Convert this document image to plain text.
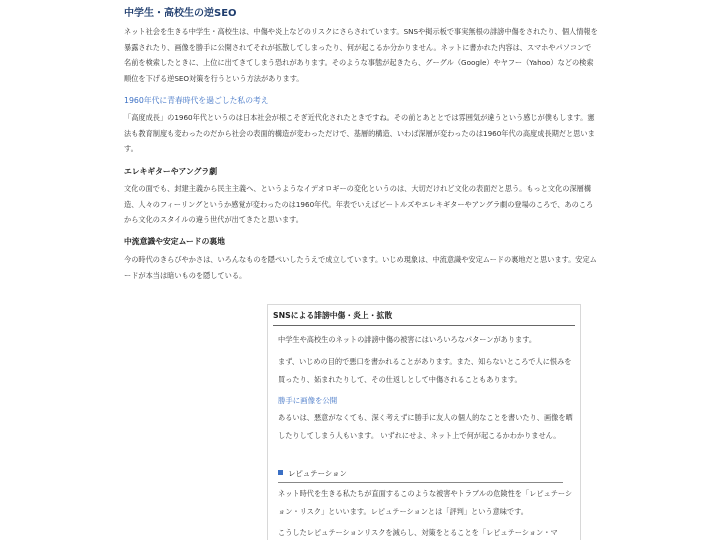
中学生・高校生の逆SEO

ネット社会を生きる中学生・高校生は、中傷や炎上などのリスクにさらされています。SNSや掲示板で事実無根の誹謗中傷をされたり、個人情報を暴露されたり、画像を勝手に公開されてそれが拡散してしまったり、何が起こるか分かりません。ネットに書かれた内容は、スマホやパソコンで名前を検索したときに、上位に出てきてしまう恐れがあります。そのような事態が起きたら、グーグル（Google）やヤフー（Yahoo）などの検索順位を下げる逆SEO対策を行うという方法があります。

1960年代に青春時代を過ごした私の考え

「高度成長」の1960年代というのは日本社会が根こそぎ近代化されたときですね。その前とあととでは雰囲気が違うという感じが僕もします。憲法も教育制度も変わったのだから社会の表面的構造が変わっただけで、基層的構造、いわば深層が変わったのは1960年代の高度成長期だと思います。

エレキギターやアングラ劇

文化の面でも、封建主義から民主主義へ、というようなイデオロギーの変化というのは、大切だけれど文化の表面だと思う。もっと文化の深層構造、人々のフィーリングというか感覚が変わったのは1960年代。年表でいえばビートルズやエレキギターやアングラ劇の登場のころで、あのころから文化のスタイルの違う世代が出てきたと思います。

中流意識や安定ムードの裏地

今の時代のきらびやかさは、いろんなものを隠ぺいしたうえで成立しています。いじめ現象は、中流意識や安定ムードの裏地だと思います。安定ムードが本当は暗いものを隠している。

SNSによる誹謗中傷・炎上・拡散

中学生や高校生のネットの誹謗中傷の被害にはいろいろなパターンがあります。

まず、いじめの目的で悪口を書かれることがあります。また、知らないところで人に恨みを買ったり、妬まれたりして、その仕返しとして中傷されることもあります。

勝手に画像を公開

あるいは、悪意がなくても、深く考えずに勝手に友人の個人的なことを書いたり、画像を晒したりしてしまう人もいます。 いずれにせよ、ネット上で何が起こるかわかりません。

レピュテーション

ネット時代を生きる私たちが直面するこのような被害やトラブルの危険性を「レピュテーション・リスク」といいます。レピュテーションとは「評判」という意味です。

こうしたレピュテーションリスクを減らし、対策をとることを「レピュテーション・マ
